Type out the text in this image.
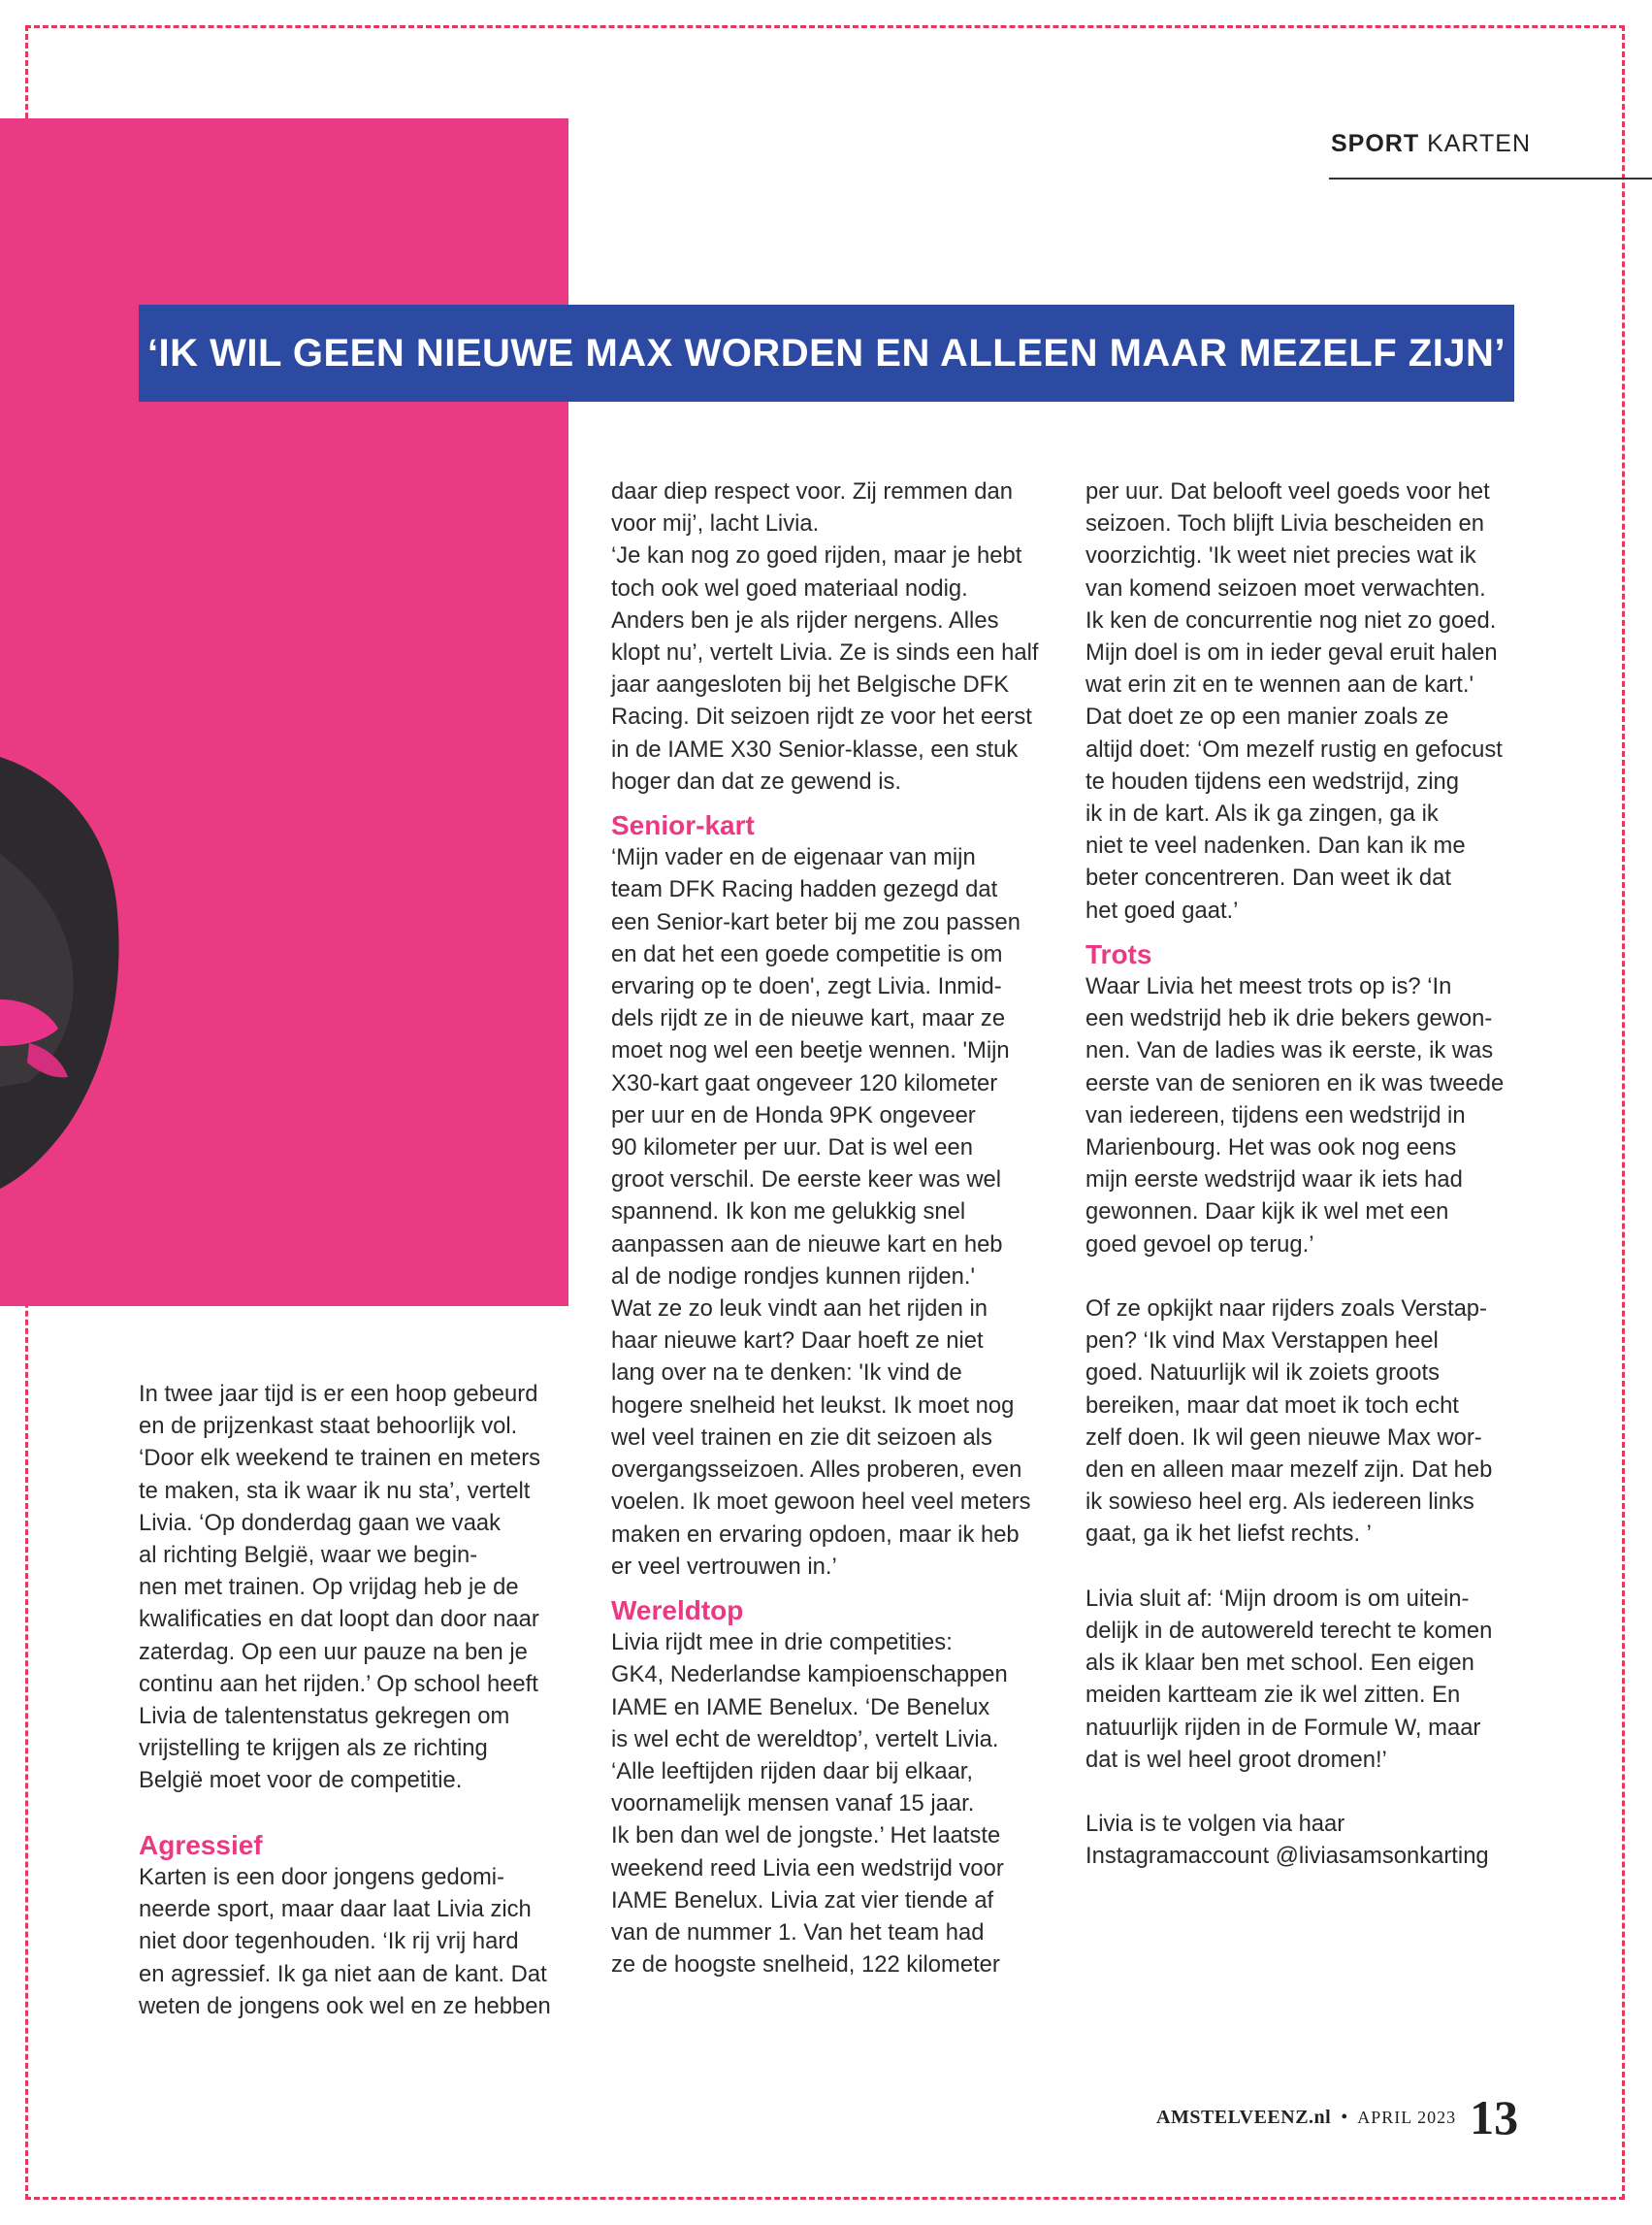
SPORT KARTEN
‘IK WIL GEEN NIEUWE MAX WORDEN EN ALLEEN MAAR MEZELF ZIJN’

In twee jaar tijd is er een hoop gebeurd

en de prijzenkast staat behoorlijk vol.

‘Door elk weekend te trainen en meters

te maken, sta ik waar ik nu sta’, vertelt

Livia. ‘Op donderdag gaan we vaak

al richting België, waar we begin-

nen met trainen. Op vrijdag heb je de

kwalificaties en dat loopt dan door naar

zaterdag. Op een uur pauze na ben je

continu aan het rijden.’ Op school heeft

Livia de talentenstatus gekregen om

vrijstelling te krijgen als ze richting

België moet voor de competitie.

Agressief

Karten is een door jongens gedomi-

neerde sport, maar daar laat Livia zich

niet door tegenhouden. ‘Ik rij vrij hard

en agressief. Ik ga niet aan de kant. Dat

weten de jongens ook wel en ze hebben

daar diep respect voor. Zij remmen dan

voor mij’, lacht Livia.

‘Je kan nog zo goed rijden, maar je hebt

toch ook wel goed materiaal nodig.

Anders ben je als rijder nergens. Alles

klopt nu’, vertelt Livia. Ze is sinds een half

jaar aangesloten bij het Belgische DFK

Racing. Dit seizoen rijdt ze voor het eerst

in de IAME X30 Senior-klasse, een stuk

hoger dan dat ze gewend is.

Senior-kart

‘Mijn vader en de eigenaar van mijn

team DFK Racing hadden gezegd dat

een Senior-kart beter bij me zou passen

en dat het een goede competitie is om

ervaring op te doen', zegt Livia. Inmid-

dels rijdt ze in de nieuwe kart, maar ze

moet nog wel een beetje wennen. 'Mijn

X30-kart gaat ongeveer 120 kilometer

per uur en de Honda 9PK ongeveer

90 kilometer per uur. Dat is wel een

groot verschil. De eerste keer was wel

spannend. Ik kon me gelukkig snel

aanpassen aan de nieuwe kart en heb

al de nodige rondjes kunnen rijden.'

Wat ze zo leuk vindt aan het rijden in

haar nieuwe kart? Daar hoeft ze niet

lang over na te denken: 'Ik vind de

hogere snelheid het leukst. Ik moet nog

wel veel trainen en zie dit seizoen als

overgangsseizoen. Alles proberen, even

voelen. Ik moet gewoon heel veel meters

maken en ervaring opdoen, maar ik heb

er veel vertrouwen in.’

Wereldtop

Livia rijdt mee in drie competities:

GK4, Nederlandse kampioenschappen

IAME en IAME Benelux. ‘De Benelux

is wel echt de wereldtop’, vertelt Livia.

‘Alle leeftijden rijden daar bij elkaar,

voornamelijk mensen vanaf 15 jaar.

Ik ben dan wel de jongste.’ Het laatste

weekend reed Livia een wedstrijd voor

IAME Benelux. Livia zat vier tiende af

van de nummer 1. Van het team had

ze de hoogste snelheid, 122 kilometer

per uur. Dat belooft veel goeds voor het

seizoen. Toch blijft Livia bescheiden en

voorzichtig. 'Ik weet niet precies wat ik

van komend seizoen moet verwachten.

Ik ken de concurrentie nog niet zo goed.

Mijn doel is om in ieder geval eruit halen

wat erin zit en te wennen aan de kart.'

Dat doet ze op een manier zoals ze

altijd doet: ‘Om mezelf rustig en gefocust

te houden tijdens een wedstrijd, zing

ik in de kart. Als ik ga zingen, ga ik

niet te veel nadenken. Dan kan ik me

beter concentreren. Dan weet ik dat

het goed gaat.’

Trots

Waar Livia het meest trots op is? ‘In

een wedstrijd heb ik drie bekers gewon-

nen. Van de ladies was ik eerste, ik was

eerste van de senioren en ik was tweede

van iedereen, tijdens een wedstrijd in

Marienbourg. Het was ook nog eens

mijn eerste wedstrijd waar ik iets had

gewonnen. Daar kijk ik wel met een

goed gevoel op terug.’

Of ze opkijkt naar rijders zoals Verstap-

pen? ‘Ik vind Max Verstappen heel

goed. Natuurlijk wil ik zoiets groots

bereiken, maar dat moet ik toch echt

zelf doen. Ik wil geen nieuwe Max wor-

den en alleen maar mezelf zijn. Dat heb

ik sowieso heel erg. Als iedereen links

gaat, ga ik het liefst rechts. ’

Livia sluit af: ‘Mijn droom is om uitein-

delijk in de autowereld terecht te komen

als ik klaar ben met school. Een eigen

meiden kartteam zie ik wel zitten. En

natuurlijk rijden in de Formule W, maar

dat is wel heel groot dromen!’

Livia is te volgen via haar

Instagramaccount @liviasamsonkarting

AMSTELVEENZ.nl • APRIL 2023 13
